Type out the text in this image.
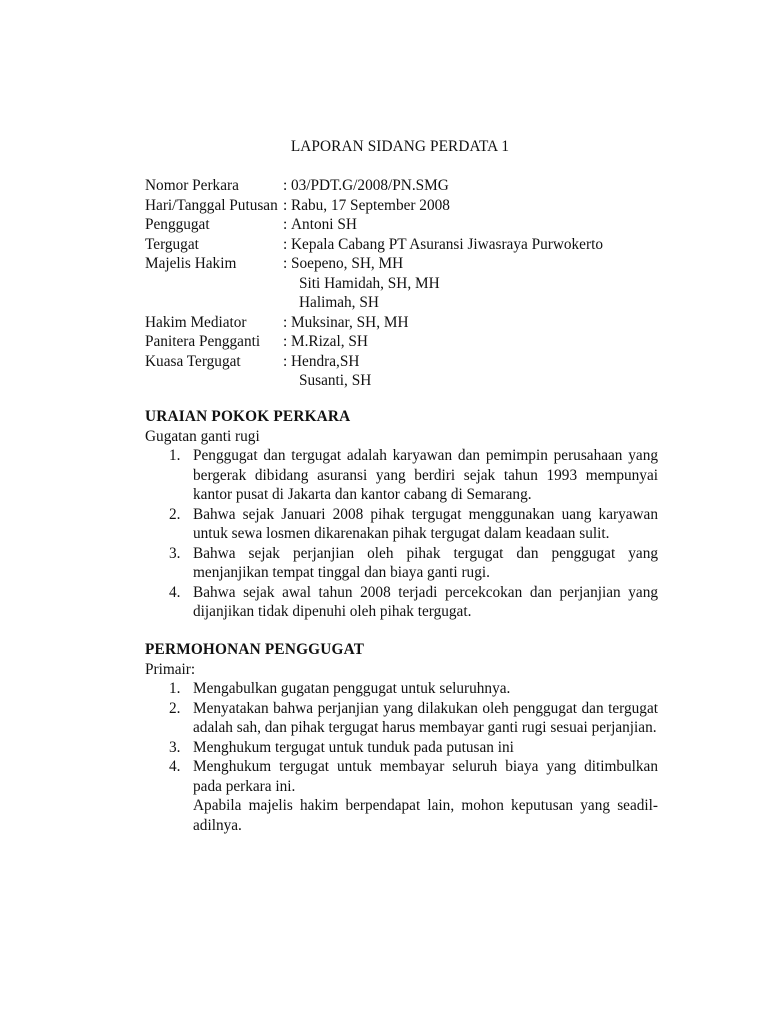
LAPORAN SIDANG PERDATA 1
Nomor Perkara	: 03/PDT.G/2008/PN.SMG
Hari/Tanggal Putusan : Rabu, 17 September 2008
Penggugat	: Antoni SH
Tergugat	: Kepala Cabang PT Asuransi Jiwasraya Purwokerto
Majelis Hakim	: Soepeno, SH, MH
Siti Hamidah, SH, MH
Halimah, SH
Hakim Mediator	: Muksinar, SH, MH
Panitera Pengganti	: M.Rizal, SH
Kuasa Tergugat	: Hendra,SH
Susanti, SH
URAIAN POKOK PERKARA
Gugatan ganti rugi
1. Penggugat dan tergugat adalah karyawan dan pemimpin perusahaan yang bergerak dibidang asuransi yang berdiri sejak tahun 1993 mempunyai kantor pusat di Jakarta dan kantor cabang di Semarang.
2. Bahwa sejak Januari 2008 pihak tergugat menggunakan uang karyawan untuk sewa losmen dikarenakan pihak tergugat dalam keadaan sulit.
3. Bahwa sejak perjanjian oleh pihak tergugat dan penggugat yang menjanjikan tempat tinggal dan biaya ganti rugi.
4. Bahwa sejak awal tahun 2008 terjadi percekcokan dan perjanjian yang dijanjikan tidak dipenuhi oleh pihak tergugat.
PERMOHONAN PENGGUGAT
Primair:
1. Mengabulkan gugatan penggugat untuk seluruhnya.
2. Menyatakan bahwa perjanjian yang dilakukan oleh penggugat dan tergugat adalah sah, dan pihak tergugat harus membayar ganti rugi sesuai perjanjian.
3. Menghukum tergugat untuk tunduk pada putusan ini
4. Menghukum tergugat untuk membayar seluruh biaya yang ditimbulkan pada perkara ini.
Apabila majelis hakim berpendapat lain, mohon keputusan yang seadil-adilnya.
